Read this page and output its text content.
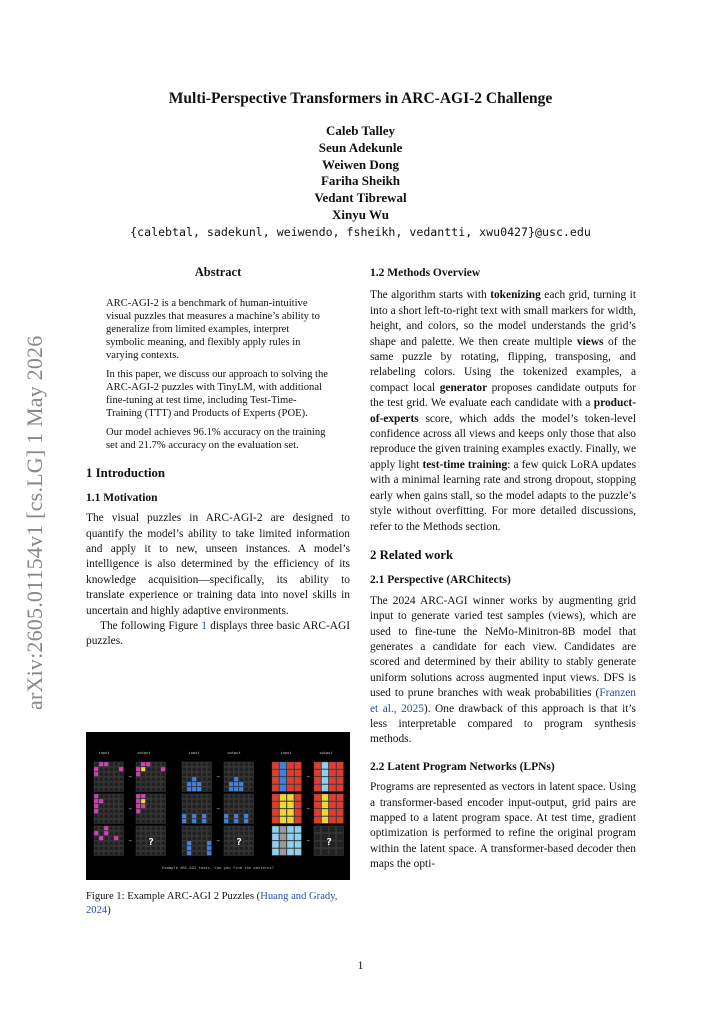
Multi-Perspective Transformers in ARC-AGI-2 Challenge
Caleb Talley
Seun Adekunle
Weiwen Dong
Fariha Sheikh
Vedant Tibrewal
Xinyu Wu
{calebtal, sadekunl, weiwendo, fsheikh, vedantti, xwu0427}@usc.edu
arXiv:2605.01154v1 [cs.LG] 1 May 2026
Abstract

ARC-AGI-2 is a benchmark of human-intuitive visual puzzles that measures a machine’s ability to generalize from limited examples, interpret symbolic meaning, and flexibly apply rules in varying contexts.

In this paper, we discuss our approach to solving the ARC-AGI-2 puzzles with TinyLM, with additional fine-tuning at test time, including Test-Time-Training (TTT) and Products of Experts (POE).

Our model achieves 96.1% accuracy on the training set and 21.7% accuracy on the evaluation set.

1 Introduction
1.1 Motivation

The visual puzzles in ARC-AGI-2 are designed to quantify the model’s ability to take limited information and apply it to new, unseen instances. A model’s intelligence is also determined by the efficiency of its knowledge acquisition—specifically, its ability to translate experience or training data into novel skills in uncertain and highly adaptive environments.

The following Figure 1 displays three basic ARC-AGI puzzles.

input	output	input	output	input	output
→
→
→ ?
→
→
→ ?
→
→
→ ?
Example ARC-AGI tasks. Can you find the patterns?
Figure 1: Example ARC-AGI 2 Puzzles (Huang and Grady, 2024)
1.2 Methods Overview

The algorithm starts with tokenizing each grid, turning it into a short left-to-right text with small markers for width, height, and colors, so the model understands the grid’s shape and palette. We then create multiple views of the same puzzle by rotating, flipping, transposing, and relabeling colors. Using the tokenized examples, a compact local generator proposes candidate outputs for the test grid. We evaluate each candidate with a product-of-experts score, which adds the model’s token-level confidence across all views and keeps only those that also reproduce the given training examples exactly. Finally, we apply light test-time training: a few quick LoRA updates with a minimal learning rate and strong dropout, stopping early when gains stall, so the model adapts to the puzzle’s style without overfitting. For more detailed discussions, refer to the Methods section.

2 Related work
2.1 Perspective (ARChitects)

The 2024 ARC-AGI winner works by augmenting grid input to generate varied test samples (views), which are used to fine-tune the NeMo-Minitron-8B model that generates a candidate for each view. Candidates are scored and determined by their ability to stably generate uniform solutions across augmented input views. DFS is used to prune branches with weak probabilities (Franzen et al., 2025). One drawback of this approach is that it’s less interpretable compared to program synthesis methods.

2.2 Latent Program Networks (LPNs)

Programs are represented as vectors in latent space. Using a transformer-based encoder input-output, grid pairs are mapped to a latent program space. At test time, gradient optimization is performed to refine the original program within the latent space. A transformer-based decoder then maps the opti-

1
